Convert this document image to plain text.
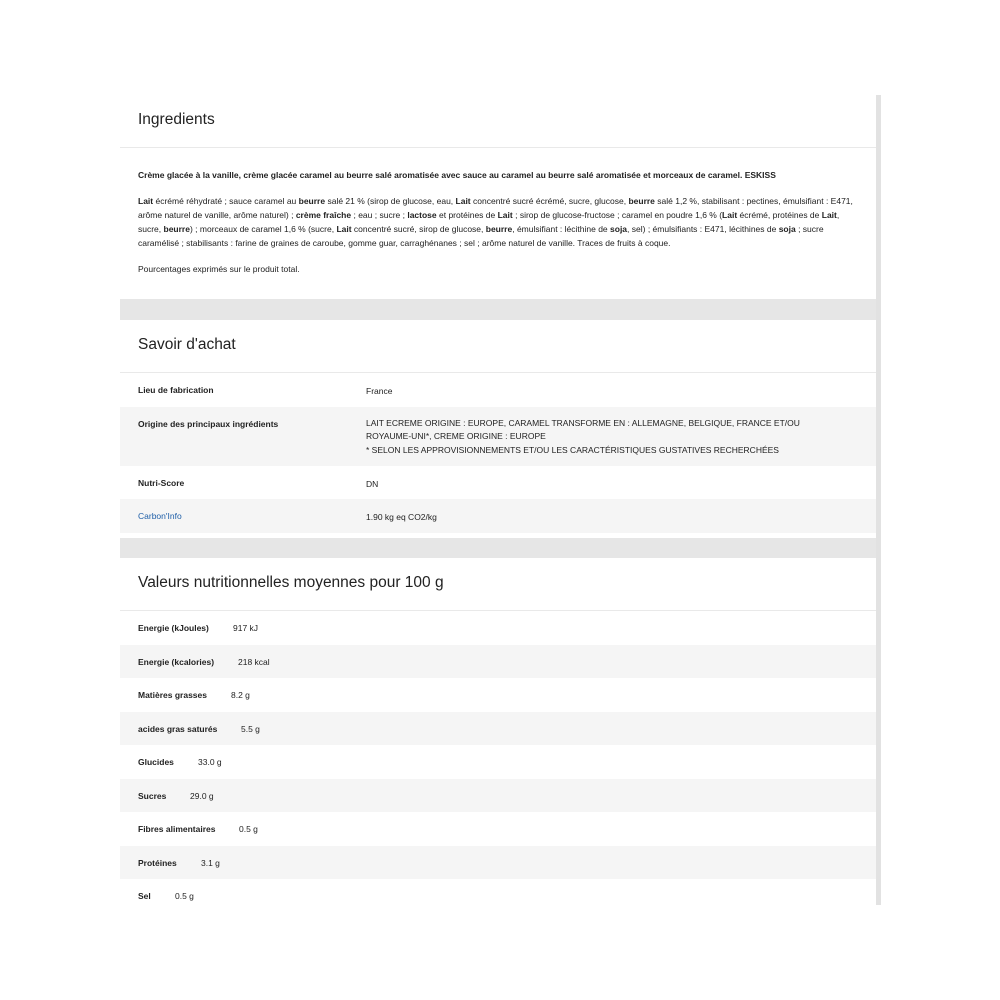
Ingredients

Crème glacée à la vanille, crème glacée caramel au beurre salé aromatisée avec sauce au caramel au beurre salé aromatisée et morceaux de caramel. ESKISS

Lait écrémé réhydraté ; sauce caramel au beurre salé 21 % (sirop de glucose, eau, Lait concentré sucré écrémé, sucre, glucose, beurre salé 1,2 %, stabilisant : pectines, émulsifiant : E471, arôme naturel de vanille, arôme naturel) ; crème fraîche ; eau ; sucre ; lactose et protéines de Lait ; sirop de glucose-fructose ; caramel en poudre 1,6 % (Lait écrémé, protéines de Lait, sucre, beurre) ; morceaux de caramel 1,6 % (sucre, Lait concentré sucré, sirop de glucose, beurre, émulsifiant : lécithine de soja, sel) ; émulsifiants : E471, lécithines de soja ; sucre caramélisé ; stabilisants : farine de graines de caroube, gomme guar, carraghénanes ; sel ; arôme naturel de vanille. Traces de fruits à coque.

Pourcentages exprimés sur le produit total.

Savoir d'achat
Lieu de fabrication	France
Origine des principaux ingrédients	LAIT ECREME ORIGINE : EUROPE, CARAMEL TRANSFORME EN : ALLEMAGNE, BELGIQUE, FRANCE ET/OU ROYAUME-UNI*, CREME ORIGINE : EUROPE
* SELON LES APPROVISIONNEMENTS ET/OU LES CARACTÉRISTIQUES GUSTATIVES RECHERCHÉES
Nutri-Score	DN
Carbon'Info	1.90 kg eq CO2/kg
Valeurs nutritionnelles moyennes pour 100 g
Energie (kJoules)	917 kJ
Energie (kcalories)	218 kcal
Matières grasses	8.2 g
acides gras saturés	5.5 g
Glucides	33.0 g
Sucres	29.0 g
Fibres alimentaires	0.5 g
Protéines	3.1 g
Sel	0.5 g
